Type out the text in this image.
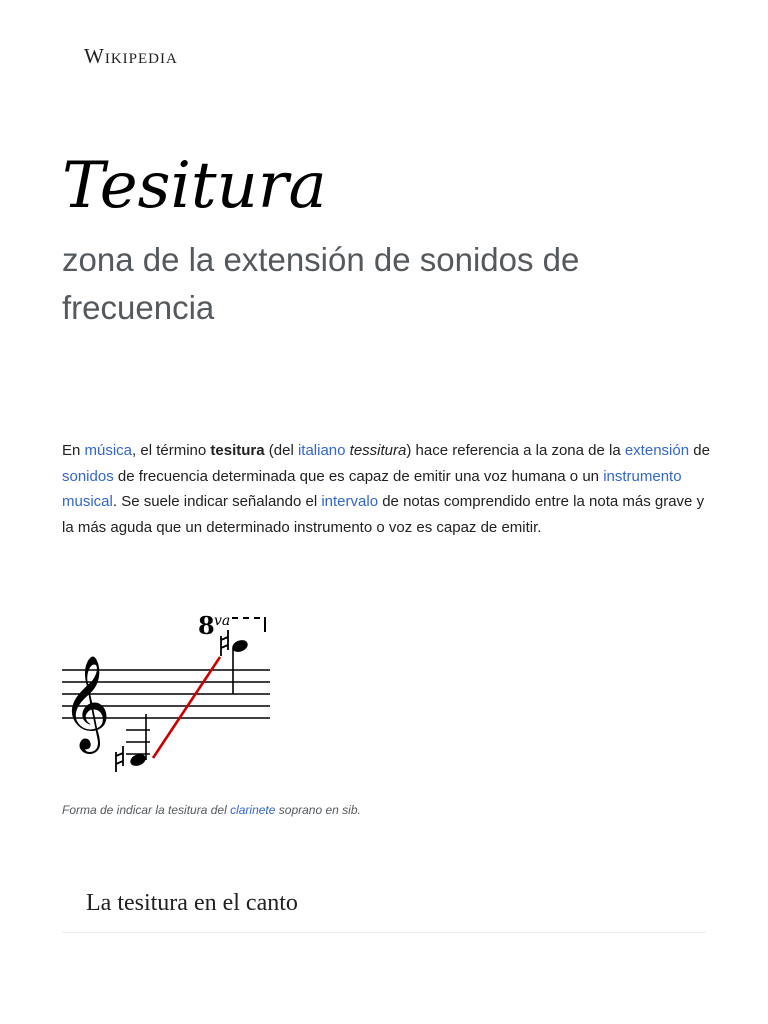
Wikipedia
Tesitura

zona de la extensión de sonidos de frecuencia

En música, el término tesitura (del italiano tessitura) hace referencia a la zona de la extensión de sonidos de frecuencia determinada que es capaz de emitir una voz humana o un instrumento musical. Se suele indicar señalando el intervalo de notas comprendido entre la nota más grave y la más aguda que un determinado instrumento o voz es capaz de emitir.

𝄞
8 va

Forma de indicar la tesitura del clarinete soprano en sib.

La tesitura en el canto
